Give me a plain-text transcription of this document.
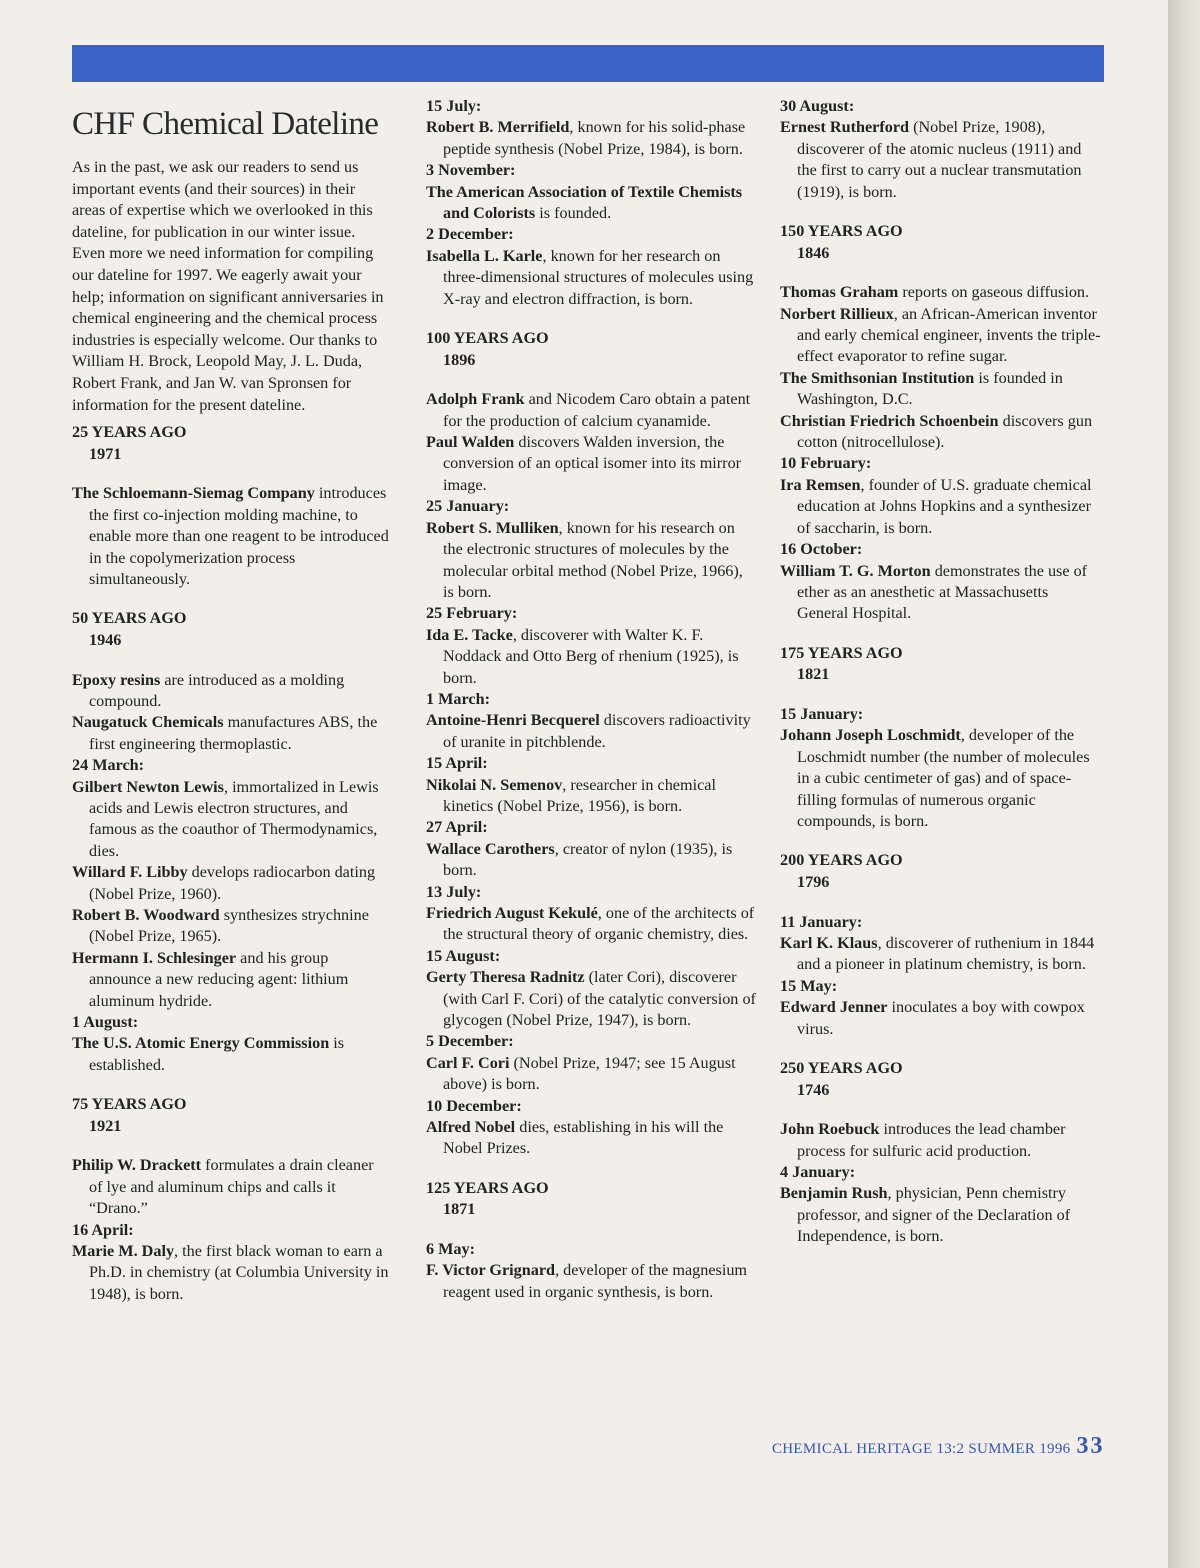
CHF Chemical Dateline

As in the past, we ask our readers to send us important events (and their sources) in their areas of expertise which we overlooked in this dateline, for publication in our winter issue. Even more we need information for compiling our dateline for 1997. We eagerly await your help; information on significant anniversaries in chemical engineering and the chemical process industries is especially welcome. Our thanks to William H. Brock, Leopold May, J. L. Duda, Robert Frank, and Jan W. van Spronsen for information for the present dateline.

25 YEARS AGO
1971

The Schloemann-Siemag Company introduces the first co-injection molding machine, to enable more than one reagent to be introduced in the copolymerization process simultaneously.

50 YEARS AGO
1946

Epoxy resins are introduced as a molding compound.

Naugatuck Chemicals manufactures ABS, the first engineering thermoplastic.

24 March:

Gilbert Newton Lewis, immortalized in Lewis acids and Lewis electron structures, and famous as the coauthor of Thermodynamics, dies.

Willard F. Libby develops radiocarbon dating (Nobel Prize, 1960).

Robert B. Woodward synthesizes strychnine (Nobel Prize, 1965).

Hermann I. Schlesinger and his group announce a new reducing agent: lithium aluminum hydride.

1 August:

The U.S. Atomic Energy Commission is established.

75 YEARS AGO
1921

Philip W. Drackett formulates a drain cleaner of lye and aluminum chips and calls it “Drano.”

16 April:

Marie M. Daly, the first black woman to earn a Ph.D. in chemistry (at Columbia University in 1948), is born.

15 July:

Robert B. Merrifield, known for his solid-phase peptide synthesis (Nobel Prize, 1984), is born.

3 November:

The American Association of Textile Chemists and Colorists is founded.

2 December:

Isabella L. Karle, known for her research on three-dimensional structures of molecules using X-ray and electron diffraction, is born.

100 YEARS AGO
1896

Adolph Frank and Nicodem Caro obtain a patent for the production of calcium cyanamide.

Paul Walden discovers Walden inversion, the conversion of an optical isomer into its mirror image.

25 January:

Robert S. Mulliken, known for his research on the electronic structures of molecules by the molecular orbital method (Nobel Prize, 1966), is born.

25 February:

Ida E. Tacke, discoverer with Walter K. F. Noddack and Otto Berg of rhenium (1925), is born.

1 March:

Antoine-Henri Becquerel discovers radioactivity of uranite in pitchblende.

15 April:

Nikolai N. Semenov, researcher in chemical kinetics (Nobel Prize, 1956), is born.

27 April:

Wallace Carothers, creator of nylon (1935), is born.

13 July:

Friedrich August Kekulé, one of the architects of the structural theory of organic chemistry, dies.

15 August:

Gerty Theresa Radnitz (later Cori), discoverer (with Carl F. Cori) of the catalytic conversion of glycogen (Nobel Prize, 1947), is born.

5 December:

Carl F. Cori (Nobel Prize, 1947; see 15 August above) is born.

10 December:

Alfred Nobel dies, establishing in his will the Nobel Prizes.

125 YEARS AGO
1871
6 May:

F. Victor Grignard, developer of the magnesium reagent used in organic synthesis, is born.

30 August:

Ernest Rutherford (Nobel Prize, 1908), discoverer of the atomic nucleus (1911) and the first to carry out a nuclear transmutation (1919), is born.

150 YEARS AGO
1846

Thomas Graham reports on gaseous diffusion.

Norbert Rillieux, an African-American inventor and early chemical engineer, invents the triple-effect evaporator to refine sugar.

The Smithsonian Institution is founded in Washington, D.C.

Christian Friedrich Schoenbein discovers gun cotton (nitrocellulose).

10 February:

Ira Remsen, founder of U.S. graduate chemical education at Johns Hopkins and a synthesizer of saccharin, is born.

16 October:

William T. G. Morton demonstrates the use of ether as an anesthetic at Massachusetts General Hospital.

175 YEARS AGO
1821
15 January:

Johann Joseph Loschmidt, developer of the Loschmidt number (the number of molecules in a cubic centimeter of gas) and of space-filling formulas of numerous organic compounds, is born.

200 YEARS AGO
1796
11 January:

Karl K. Klaus, discoverer of ruthenium in 1844 and a pioneer in platinum chemistry, is born.

15 May:

Edward Jenner inoculates a boy with cowpox virus.

250 YEARS AGO
1746

John Roebuck introduces the lead chamber process for sulfuric acid production.

4 January:

Benjamin Rush, physician, Penn chemistry professor, and signer of the Declaration of Independence, is born.

CHEMICAL HERITAGE 13:2 SUMMER 1996 33
